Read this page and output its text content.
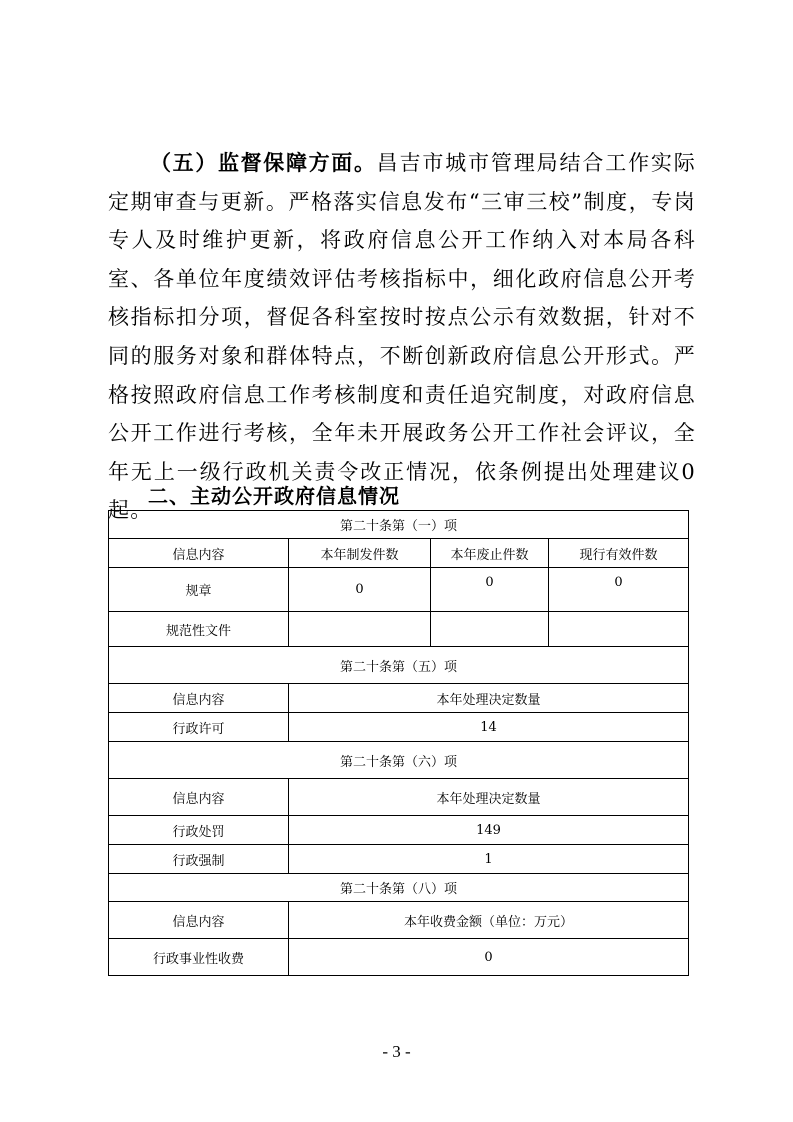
（五）监督保障方面。昌吉市城市管理局结合工作实际定期审查与更新。严格落实信息发布“三审三校”制度，专岗专人及时维护更新，将政府信息公开工作纳入对本局各科室、各单位年度绩效评估考核指标中，细化政府信息公开考核指标扣分项，督促各科室按时按点公示有效数据，针对不同的服务对象和群体特点，不断创新政府信息公开形式。严格按照政府信息工作考核制度和责任追究制度，对政府信息公开工作进行考核，全年未开展政务公开工作社会评议，全年无上一级行政机关责令改正情况，依条例提出处理建议0起。

二、主动公开政府信息情况
第二十条第（一）项			
信息内容	本年制发件数	本年废止件数	现行有效件数
规章	0	0	0
规范性文件			
第二十条第（五）项			
信息内容	本年处理决定数量		
行政许可	14		
第二十条第（六）项			
信息内容	本年处理决定数量		
行政处罚	149		
行政强制	1		
第二十条第（八）项			
信息内容	本年收费金额（单位：万元）		
行政事业性收费	0		
- 3 -
